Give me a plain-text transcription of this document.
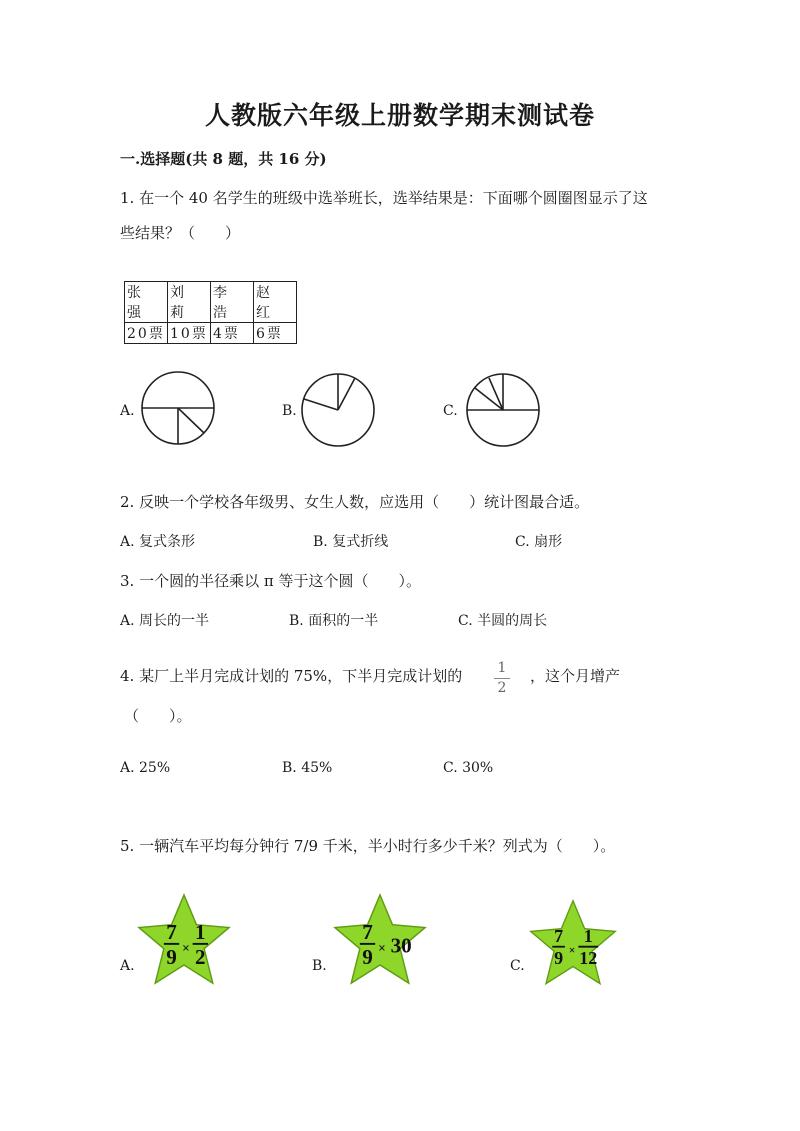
人教版六年级上册数学期末测试卷
一.选择题(共 8 题，共 16 分)
1. 在一个 40 名学生的班级中选举班长，选举结果是：下面哪个圆圈图显示了这
些结果？（　　）
张 强	刘 莉	李 浩	赵 红
20票	10票	4票	6票
A.	B.	C.
2. 反映一个学校各年级男、女生人数，应选用（　　）统计图最合适。
A. 复式条形	B. 复式折线	C. 扇形
3. 一个圆的半径乘以 π 等于这个圆（　　）。
A. 周长的一半	B. 面积的一半	C. 半圆的周长
4. 某厂上半月完成计划的 75%，下半月完成计划的	1
2
，这个月增产
（　　）。
A. 25%	B. 45%	C. 30%
5. 一辆汽车平均每分钟行 7/9 千米，半小时行多少千米？列式为（　　）。
A.	B.	C.
7
9 ×
1
2
7
9 × 30	7
9 ×
1
12
